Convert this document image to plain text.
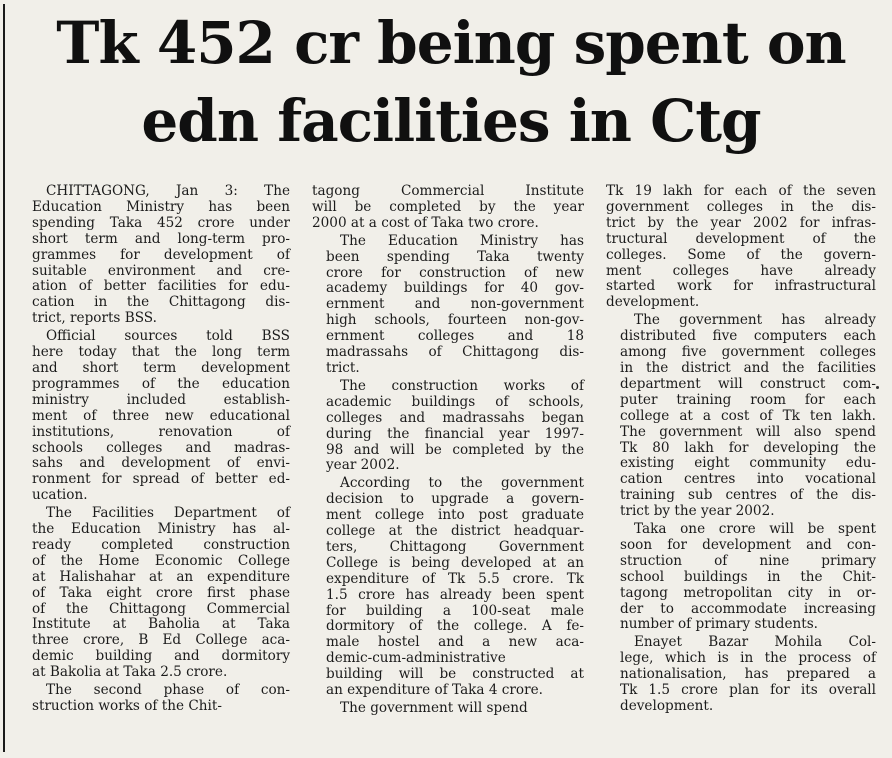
Tk 452 cr being spent on
edn facilities in Ctg

CHITTAGONG, Jan 3: The
Education Ministry has been
spending Taka 452 crore under
short term and long-term pro-
grammes for development of
suitable environment and cre-
ation of better facilities for edu-
cation in the Chittagong dis-
trict, reports BSS.

Official sources told BSS
here today that the long term
and short term development
programmes of the education
ministry included establish-
ment of three new educational
institutions, renovation of
schools colleges and madras-
sahs and development of envi-
ronment for spread of better ed-
ucation.

The Facilities Department of
the Education Ministry has al-
ready completed construction
of the Home Economic College
at Halishahar at an expenditure
of Taka eight crore first phase
of the Chittagong Commercial
Institute at Baholia at Taka
three crore, B Ed College aca-
demic building and dormitory
at Bakolia at Taka 2.5 crore.

The second phase of con-
struction works of the Chit-

tagong Commercial Institute
will be completed by the year
2000 at a cost of Taka two crore.

The Education Ministry has
been spending Taka twenty
crore for construction of new
academy buildings for 40 gov-
ernment and non-government
high schools, fourteen non-gov-
ernment colleges and 18
madrassahs of Chittagong dis-
trict.

The construction works of
academic buildings of schools,
colleges and madrassahs began
during the financial year 1997-
98 and will be completed by the
year 2002.

According to the government
decision to upgrade a govern-
ment college into post graduate
college at the district headquar-
ters, Chittagong Government
College is being developed at an
expenditure of Tk 5.5 crore. Tk
1.5 crore has already been spent
for building a 100-seat male
dormitory of the college. A fe-
male hostel and a new aca-
demic-cum-administrative
building will be constructed at
an expenditure of Taka 4 crore.

The government will spend

Tk 19 lakh for each of the seven
government colleges in the dis-
trict by the year 2002 for infras-
tructural development of the
colleges. Some of the govern-
ment colleges have already
started work for infrastructural
development.

The government has already
distributed five computers each
among five government colleges
in the district and the facilities
department will construct com-
puter training room for each
college at a cost of Tk ten lakh.
The government will also spend
Tk 80 lakh for developing the
existing eight community edu-
cation centres into vocational
training sub centres of the dis-
trict by the year 2002.

Taka one crore will be spent
soon for development and con-
struction of nine primary
school buildings in the Chit-
tagong metropolitan city in or-
der to accommodate increasing
number of primary students.

Enayet Bazar Mohila Col-
lege, which is in the process of
nationalisation, has prepared a
Tk 1.5 crore plan for its overall
development.
